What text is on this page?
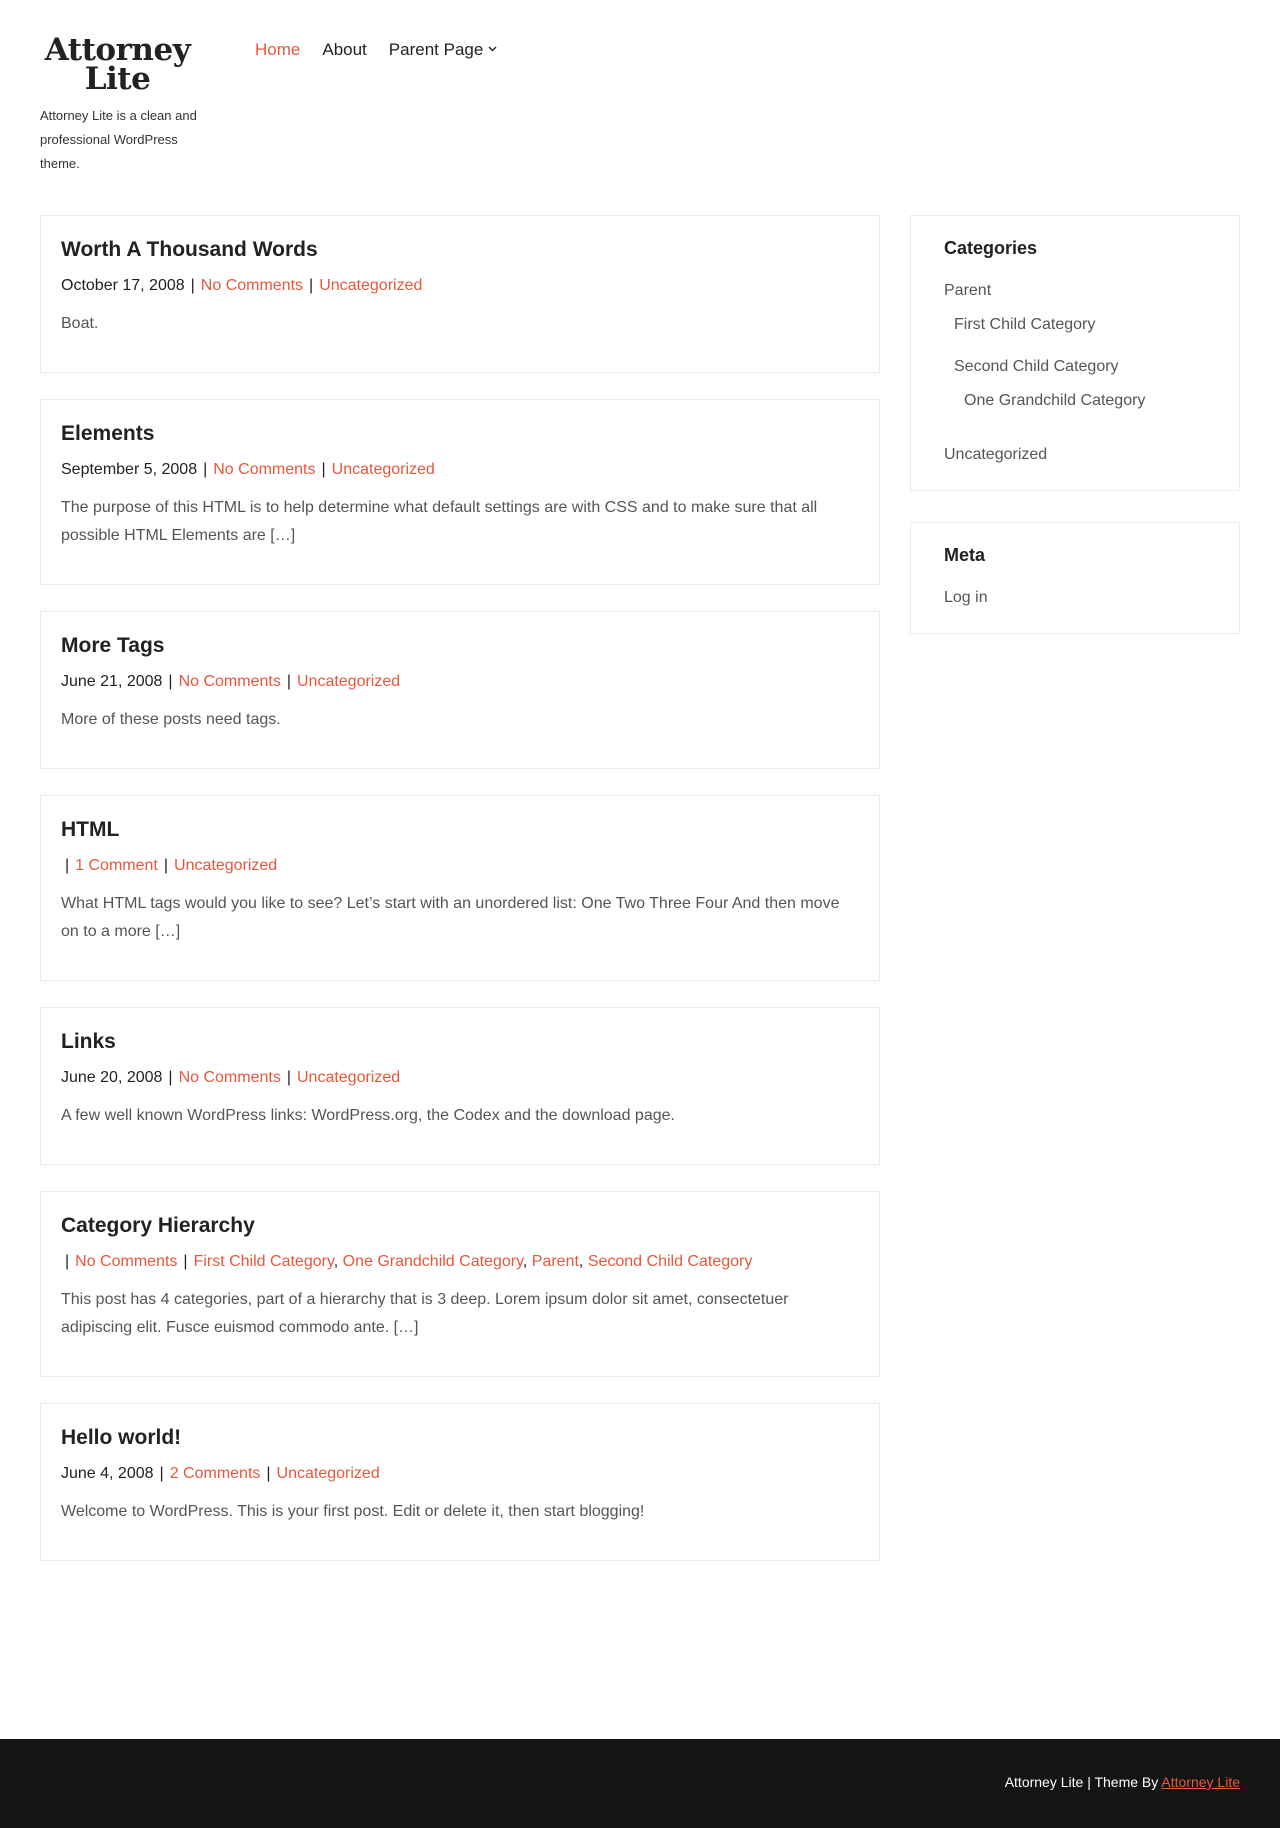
Attorney
Lite

Attorney Lite is a clean and professional WordPress theme.

Home About Parent Page
Worth A Thousand Words
October 17, 2008 | No Comments | Uncategorized

Boat.

Elements
September 5, 2008 | No Comments | Uncategorized

The purpose of this HTML is to help determine what default settings are with CSS and to make sure that all possible HTML Elements are […]

More Tags
June 21, 2008 | No Comments | Uncategorized

More of these posts need tags.

HTML
| 1 Comment | Uncategorized

What HTML tags would you like to see? Let’s start with an unordered list: One Two Three Four And then move on to a more […]

Links
June 20, 2008 | No Comments | Uncategorized

A few well known WordPress links: WordPress.org, the Codex and the download page.

Category Hierarchy
| No Comments | First Child Category, One Grandchild Category, Parent, Second Child Category

This post has 4 categories, part of a hierarchy that is 3 deep. Lorem ipsum dolor sit amet, consectetuer adipiscing elit. Fusce euismod commodo ante. […]

Hello world!
June 4, 2008 | 2 Comments | Uncategorized

Welcome to WordPress. This is your first post. Edit or delete it, then start blogging!

Categories
Parent
First Child Category
Second Child Category
One Grandchild Category
Uncategorized
Meta
Log in
Attorney Lite | Theme By Attorney Lite
